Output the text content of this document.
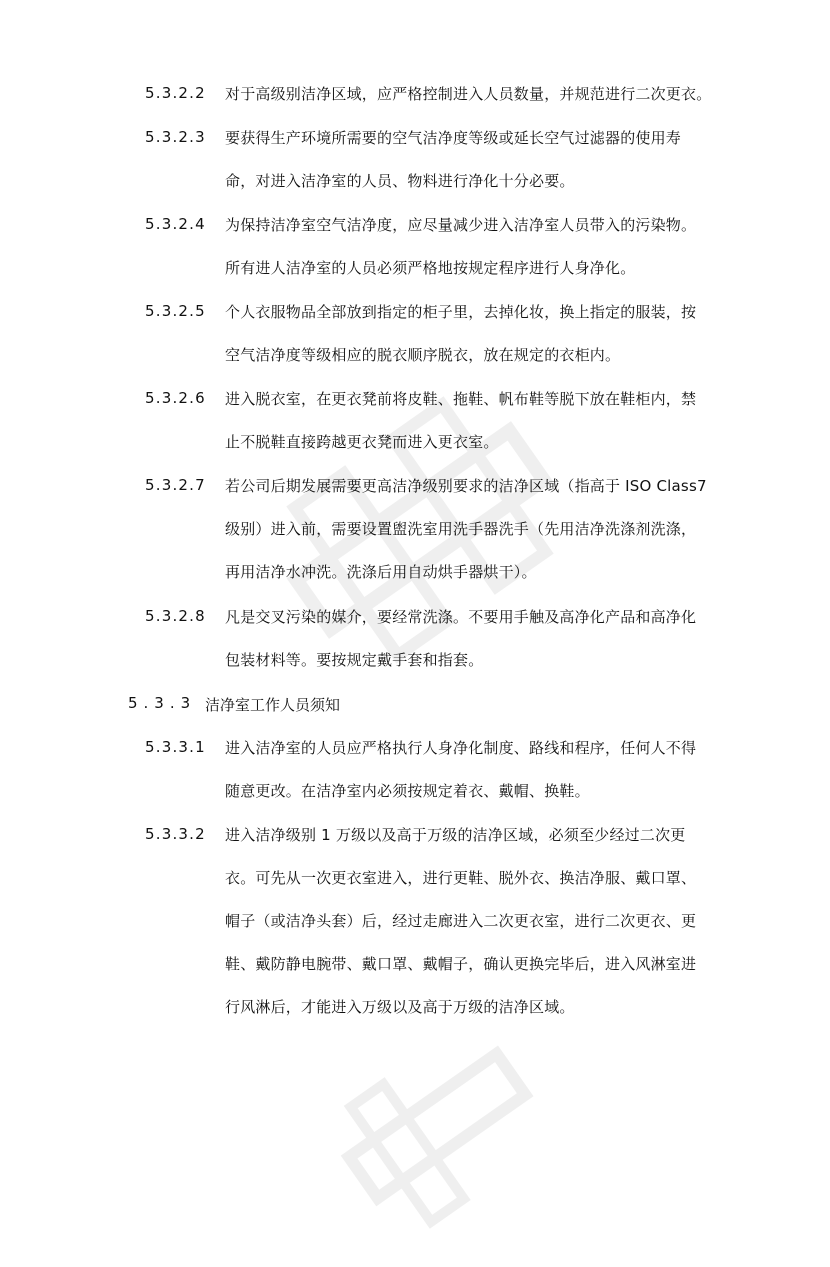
5.3.2.2 对于高级别洁净区域，应严格控制进入人员数量，并规范进行二次更衣。
5.3.2.3 要获得生产环境所需要的空气洁净度等级或延长空气过滤器的使用寿
命，对进入洁净室的人员、物料进行净化十分必要。
5.3.2.4 为保持洁净室空气洁净度，应尽量减少进入洁净室人员带入的污染物。
所有进人洁净室的人员必须严格地按规定程序进行人身净化。
5.3.2.5 个人衣服物品全部放到指定的柜子里，去掉化妆，换上指定的服装，按
空气洁净度等级相应的脱衣顺序脱衣，放在规定的衣柜内。
5.3.2.6 进入脱衣室，在更衣凳前将皮鞋、拖鞋、帆布鞋等脱下放在鞋柜内，禁
止不脱鞋直接跨越更衣凳而进入更衣室。
5.3.2.7 若公司后期发展需要更高洁净级别要求的洁净区域（指高于 ISO Class7
级别）进入前，需要设置盥洗室用洗手器洗手（先用洁净洗涤剂洗涤，
再用洁净水冲洗。洗涤后用自动烘手器烘干）。
5.3.2.8 凡是交叉污染的媒介，要经常洗涤。不要用手触及高净化产品和高净化
包装材料等。要按规定戴手套和指套。
5.3.3 洁净室工作人员须知
5.3.3.1 进入洁净室的人员应严格执行人身净化制度、路线和程序，任何人不得
随意更改。在洁净室内必须按规定着衣、戴帽、换鞋。
5.3.3.2 进入洁净级别 1 万级以及高于万级的洁净区域，必须至少经过二次更
衣。可先从一次更衣室进入，进行更鞋、脱外衣、换洁净服、戴口罩、
帽子（或洁净头套）后，经过走廊进入二次更衣室，进行二次更衣、更
鞋、戴防静电腕带、戴口罩、戴帽子，确认更换完毕后，进入风淋室进
行风淋后，才能进入万级以及高于万级的洁净区域。
